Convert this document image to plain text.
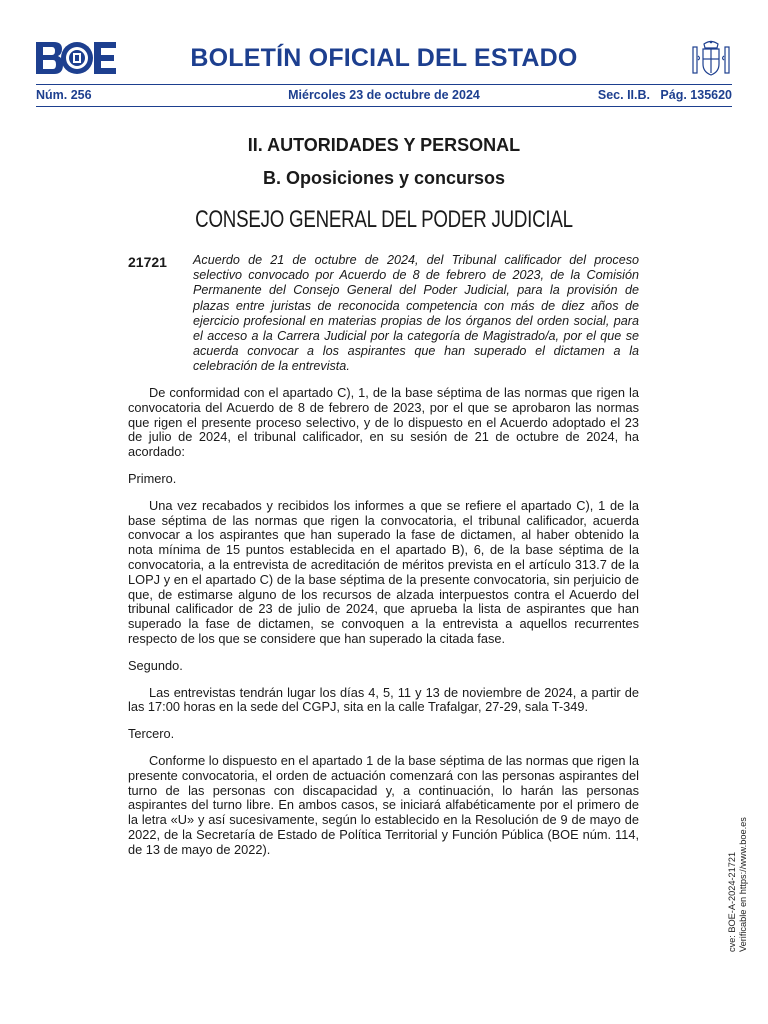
BOLETÍN OFICIAL DEL ESTADO
Núm. 256	Miércoles 23 de octubre de 2024	Sec. II.B.   Pág. 135620
II. AUTORIDADES Y PERSONAL
B. Oposiciones y concursos
CONSEJO GENERAL DEL PODER JUDICIAL
21721 Acuerdo de 21 de octubre de 2024, del Tribunal calificador del proceso selectivo convocado por Acuerdo de 8 de febrero de 2023, de la Comisión Permanente del Consejo General del Poder Judicial, para la provisión de plazas entre juristas de reconocida competencia con más de diez años de ejercicio profesional en materias propias de los órganos del orden social, para el acceso a la Carrera Judicial por la categoría de Magistrado/a, por el que se acuerda convocar a los aspirantes que han superado el dictamen a la celebración de la entrevista.

De conformidad con el apartado C), 1, de la base séptima de las normas que rigen la convocatoria del Acuerdo de 8 de febrero de 2023, por el que se aprobaron las normas que rigen el presente proceso selectivo, y de lo dispuesto en el Acuerdo adoptado el 23 de julio de 2024, el tribunal calificador, en su sesión de 21 de octubre de 2024, ha acordado:

Primero.

Una vez recabados y recibidos los informes a que se refiere el apartado C), 1 de la base séptima de las normas que rigen la convocatoria, el tribunal calificador, acuerda convocar a los aspirantes que han superado la fase de dictamen, al haber obtenido la nota mínima de 15 puntos establecida en el apartado B), 6, de la base séptima de la convocatoria, a la entrevista de acreditación de méritos prevista en el artículo 313.7 de la LOPJ y en el apartado C) de la base séptima de la presente convocatoria, sin perjuicio de que, de estimarse alguno de los recursos de alzada interpuestos contra el Acuerdo del tribunal calificador de 23 de julio de 2024, que aprueba la lista de aspirantes que han superado la fase de dictamen, se convoquen a la entrevista a aquellos recurrentes respecto de los que se considere que han superado la citada fase.

Segundo.

Las entrevistas tendrán lugar los días 4, 5, 11 y 13 de noviembre de 2024, a partir de las 17:00 horas en la sede del CGPJ, sita en la calle Trafalgar, 27-29, sala T-349.

Tercero.

Conforme lo dispuesto en el apartado 1 de la base séptima de las normas que rigen la presente convocatoria, el orden de actuación comenzará con las personas aspirantes del turno de las personas con discapacidad y, a continuación, lo harán las personas aspirantes del turno libre. En ambos casos, se iniciará alfabéticamente por el primero de la letra «U» y así sucesivamente, según lo establecido en la Resolución de 9 de mayo de 2022, de la Secretaría de Estado de Política Territorial y Función Pública (BOE núm. 114, de 13 de mayo de 2022).

cve: BOE-A-2024-21721 Verificable en https://www.boe.es
